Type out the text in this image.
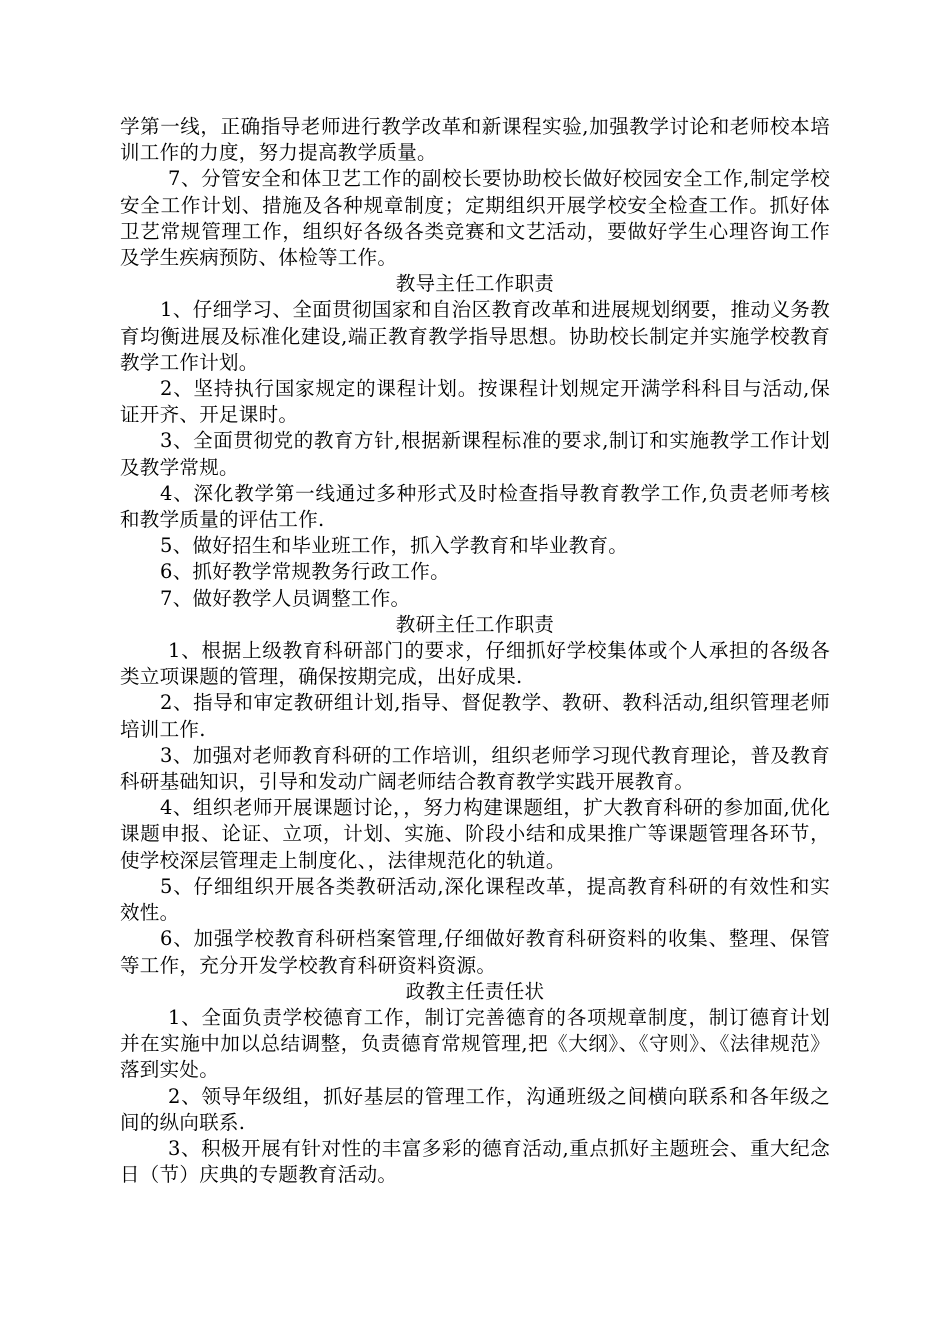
学第一线，正确指导老师进行教学改革和新课程实验,加强教学讨论和老师校本培训工作的力度，努力提高教学质量。

7、分管安全和体卫艺工作的副校长要协助校长做好校园安全工作,制定学校安全工作计划、措施及各种规章制度；定期组织开展学校安全检查工作。抓好体卫艺常规管理工作，组织好各级各类竞赛和文艺活动，要做好学生心理咨询工作及学生疾病预防、体检等工作。

教导主任工作职责

1、仔细学习、全面贯彻国家和自治区教育改革和进展规划纲要，推动义务教育均衡进展及标准化建设,端正教育教学指导思想。协助校长制定并实施学校教育教学工作计划。

2、坚持执行国家规定的课程计划。按课程计划规定开满学科科目与活动,保证开齐、开足课时。

3、全面贯彻党的教育方针,根据新课程标准的要求,制订和实施教学工作计划及教学常规。

4、深化教学第一线通过多种形式及时检查指导教育教学工作,负责老师考核和教学质量的评估工作.

5、做好招生和毕业班工作，抓入学教育和毕业教育。

6、抓好教学常规教务行政工作。

7、做好教学人员调整工作。

教研主任工作职责

1、根据上级教育科研部门的要求，仔细抓好学校集体或个人承担的各级各类立项课题的管理，确保按期完成，出好成果.

2、指导和审定教研组计划,指导、督促教学、教研、教科活动,组织管理老师培训工作.

3、加强对老师教育科研的工作培训，组织老师学习现代教育理论，普及教育科研基础知识，引导和发动广阔老师结合教育教学实践开展教育。

4、组织老师开展课题讨论，，努力构建课题组，扩大教育科研的参加面,优化课题申报、论证、立项，计划、实施、阶段小结和成果推广等课题管理各环节，使学校深层管理走上制度化、，法律规范化的轨道。

5、仔细组织开展各类教研活动,深化课程改革，提高教育科研的有效性和实效性。

6、加强学校教育科研档案管理,仔细做好教育科研资料的收集、整理、保管等工作，充分开发学校教育科研资料资源。

政教主任责任状

1、全面负责学校德育工作，制订完善德育的各项规章制度，制订德育计划并在实施中加以总结调整，负责德育常规管理,把《大纲》、《守则》、《法律规范》落到实处。

2、领导年级组，抓好基层的管理工作，沟通班级之间横向联系和各年级之间的纵向联系.

3、积极开展有针对性的丰富多彩的德育活动,重点抓好主题班会、重大纪念日（节）庆典的专题教育活动。
